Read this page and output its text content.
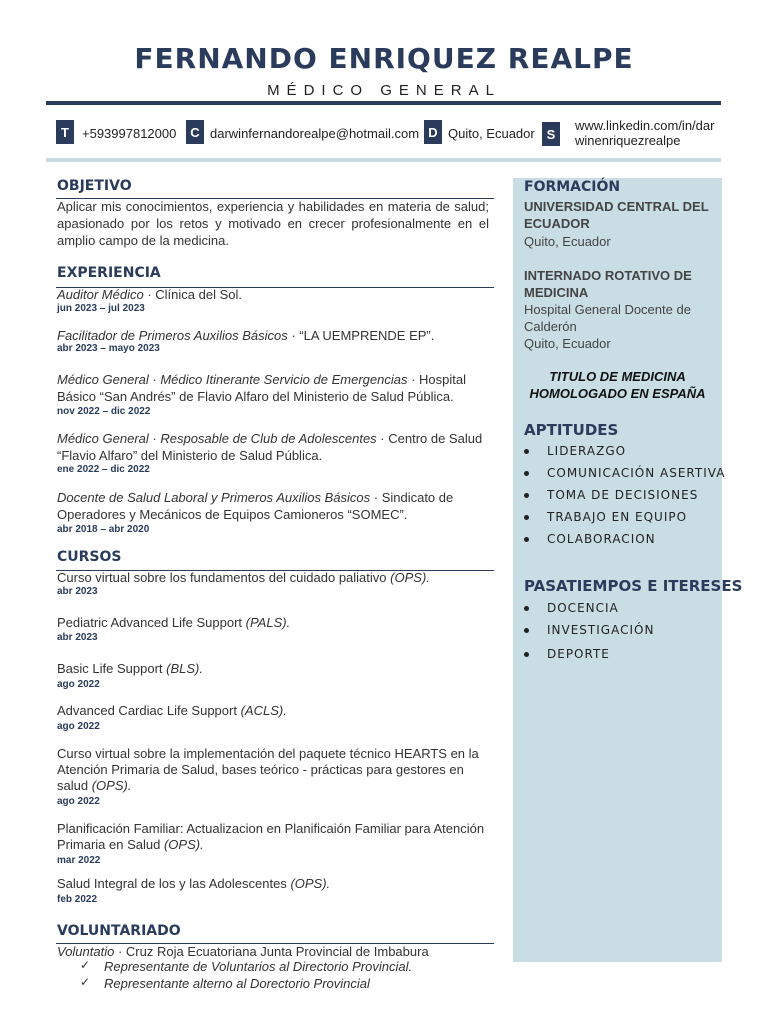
FERNANDO ENRIQUEZ REALPE
MÉDICO GENERAL
T	+593997812000	C darwinfernandorealpe@hotmail.com D Quito, Ecuador S
www.linkedin.com/in/dar
winenriquezrealpe
OBJETIVO
Aplicar mis conocimientos, experiencia y habilidades en materia de salud;
apasionado por los retos y motivado en crecer profesionalmente en el
amplio campo de la medicina.
EXPERIENCIA
Auditor Médico · Clínica del Sol.
jun 2023 – jul 2023
Facilitador de Primeros Auxilios Básicos · “LA UEMPRENDE EP”.
abr 2023 – mayo 2023
Médico General · Médico Itinerante Servicio de Emergencias · Hospital
Básico “San Andrés” de Flavio Alfaro del Ministerio de Salud Pública.
nov 2022 – dic 2022
Médico General · Resposable de Club de Adolescentes · Centro de Salud
“Flavio Alfaro” del Ministerio de Salud Pública.
ene 2022 – dic 2022
Docente de Salud Laboral y Primeros Auxilios Básicos · Sindicato de
Operadores y Mecánicos de Equipos Camioneros “SOMEC”.
abr 2018 – abr 2020
CURSOS
Curso virtual sobre los fundamentos del cuidado paliativo (OPS).
abr 2023
Pediatric Advanced Life Support (PALS).
abr 2023
Basic Life Support (BLS).
ago 2022
Advanced Cardiac Life Support (ACLS).
ago 2022
Curso virtual sobre la implementación del paquete técnico HEARTS en la
Atención Primaria de Salud, bases teórico - prácticas para gestores en
salud (OPS).
ago 2022
Planificación Familiar: Actualizacion en Planificaión Familiar para Atención
Primaria en Salud (OPS).
mar 2022
Salud Integral de los y las Adolescentes (OPS).
feb 2022
VOLUNTARIADO
Voluntatio · Cruz Roja Ecuatoriana Junta Provincial de Imbabura
✓ Representante de Voluntarios al Directorio Provincial.
✓ Representante alterno al Dorectorio Provincial
FORMACIÓN
UNIVERSIDAD CENTRAL DEL
ECUADOR
Quito, Ecuador
INTERNADO ROTATIVO DE
MEDICINA
Hospital General Docente de
Calderón
Quito, Ecuador
TITULO DE MEDICINA
HOMOLOGADO EN ESPAÑA
APTITUDES
LIDERAZGO
COMUNICACIÓN ASERTIVA
TOMA DE DECISIONES
TRABAJO EN EQUIPO
COLABORACION
PASATIEMPOS E ITERESES
DOCENCIA
INVESTIGACIÓN
DEPORTE
